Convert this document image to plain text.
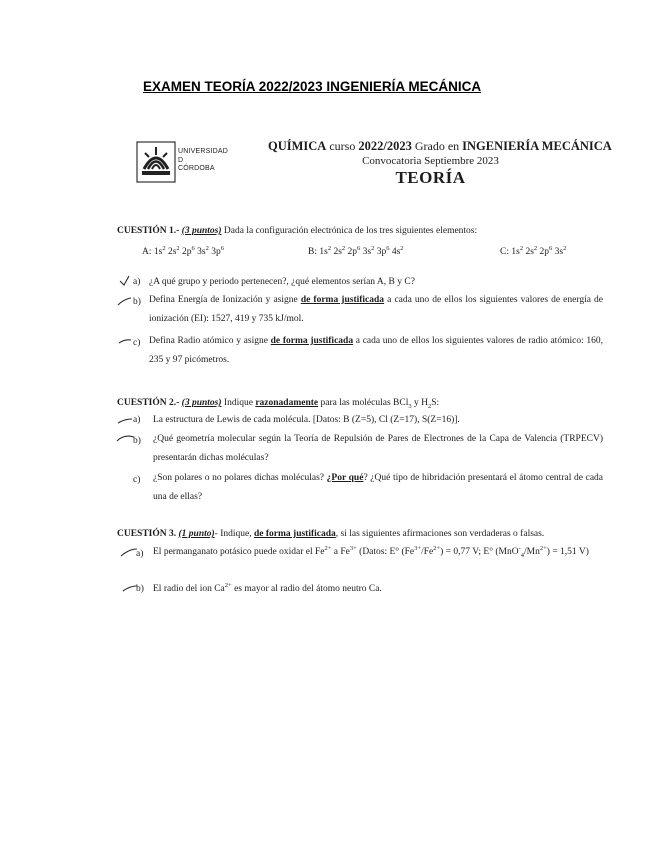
EXAMEN TEORÍA 2022/2023 INGENIERÍA MECÁNICA
UNIVERSIDAD
D
CÓRDOBA
QUÍMICA curso 2022/2023 Grado en INGENIERÍA MECÁNICA
Convocatoria Septiembre 2023
TEORÍA
CUESTIÓN 1.- (3 puntos) Dada la configuración electrónica de los tres siguientes elementos:
A: $1s^2$ $2s^2$ $2p^6$ $3s^2$ $3p^6$	B: $1s^2$ $2s^2$ $2p^6$ $3s^2$ $3p^6$ $4s^2$	C: $1s^2$ $2s^2$ $2p^6$ $3s^2$
a) ¿A qué grupo y periodo pertenecen?, ¿qué elementos serían A, B y C?
b) Defina Energía de Ionización y asigne de forma justificada a cada uno de ellos los siguientes valores de energía de ionización (EI): 1527, 419 y 735 kJ/mol.
c) Defina Radio atómico y asigne de forma justificada a cada uno de ellos los siguientes valores de radio atómico: 160, 235 y 97 picómetros.
CUESTIÓN 2.- (3 puntos) Indique razonadamente para las moléculas BCl$_3$ y $H_2S$:
a) La estructura de Lewis de cada molécula. [Datos: B (Z=5), Cl (Z=17), S(Z=16)].
b) ¿Qué geometría molecular según la Teoría de Repulsión de Pares de Electrones de la Capa de Valencia (TRPECV) presentarán dichas moléculas?
c) ¿Son polares o no polares dichas moléculas? ¿Por qué? ¿Qué tipo de hibridación presentará el átomo central de cada una de ellas?
CUESTIÓN 3. (1 punto)- Indique, de forma justificada, si las siguientes afirmaciones son verdaderas o falsas.
a) El permanganato potásico puede oxidar el $Fe^{2+}$ a $Fe^{3+}$ (Datos: E° $(Fe^{3+}/Fe^{2+}) = 0,77$ V; E° $(MnO^-_4/Mn^{2+}) = 1,51$ V)
b) El radio del ion $Ca^{2+}$ es mayor al radio del átomo neutro Ca.
